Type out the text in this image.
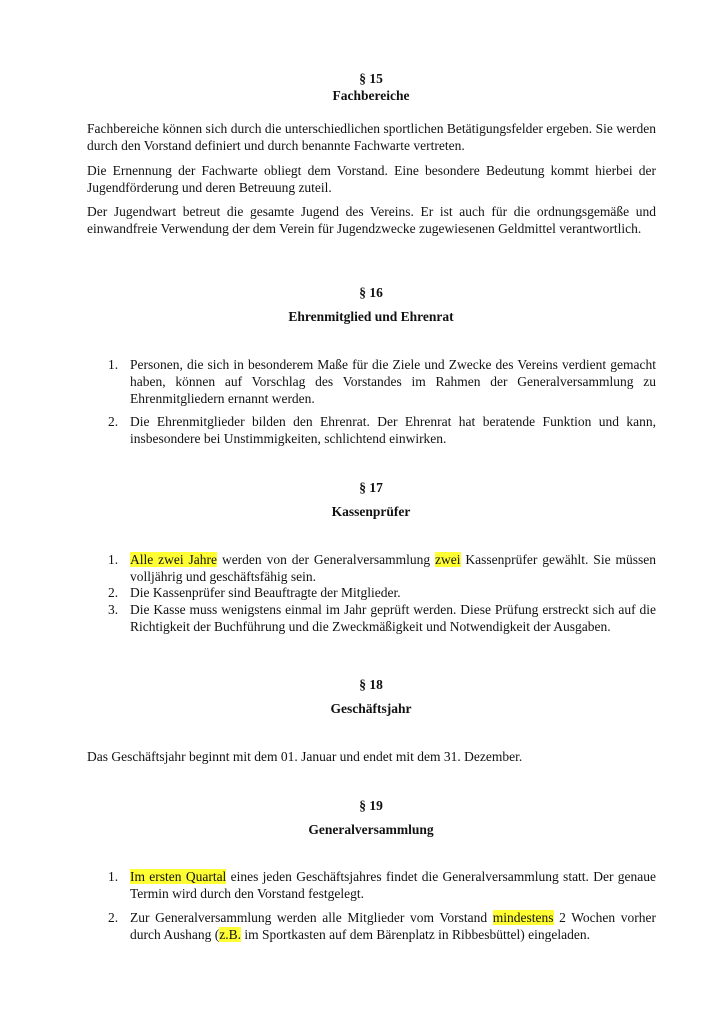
§ 15
Fachbereiche

Fachbereiche können sich durch die unterschiedlichen sportlichen Betätigungsfelder ergeben. Sie werden durch den Vorstand definiert und durch benannte Fachwarte vertreten.

Die Ernennung der Fachwarte obliegt dem Vorstand. Eine besondere Bedeutung kommt hierbei der Jugendförderung und deren Betreuung zuteil.

Der Jugendwart betreut die gesamte Jugend des Vereins. Er ist auch für die ordnungsgemäße und einwandfreie Verwendung der dem Verein für Jugendzwecke zugewiesenen Geldmittel verantwortlich.

§ 16
Ehrenmitglied und Ehrenrat
1. Personen, die sich in besonderem Maße für die Ziele und Zwecke des Vereins verdient gemacht haben, können auf Vorschlag des Vorstandes im Rahmen der Generalversammlung zu Ehrenmitgliedern ernannt werden.
2. Die Ehrenmitglieder bilden den Ehrenrat. Der Ehrenrat hat beratende Funktion und kann, insbesondere bei Unstimmigkeiten, schlichtend einwirken.
§ 17
Kassenprüfer
1. Alle zwei Jahre werden von der Generalversammlung zwei Kassenprüfer gewählt. Sie müssen volljährig und geschäftsfähig sein.
2. Die Kassenprüfer sind Beauftragte der Mitglieder.
3. Die Kasse muss wenigstens einmal im Jahr geprüft werden. Diese Prüfung erstreckt sich auf die Richtigkeit der Buchführung und die Zweckmäßigkeit und Notwendigkeit der Ausgaben.
§ 18
Geschäftsjahr

Das Geschäftsjahr beginnt mit dem 01. Januar und endet mit dem 31. Dezember.

§ 19
Generalversammlung
1. Im ersten Quartal eines jeden Geschäftsjahres findet die Generalversammlung statt. Der genaue Termin wird durch den Vorstand festgelegt.
2. Zur Generalversammlung werden alle Mitglieder vom Vorstand mindestens 2 Wochen vorher durch Aushang (z.B. im Sportkasten auf dem Bärenplatz in Ribbesbüttel) eingeladen.
